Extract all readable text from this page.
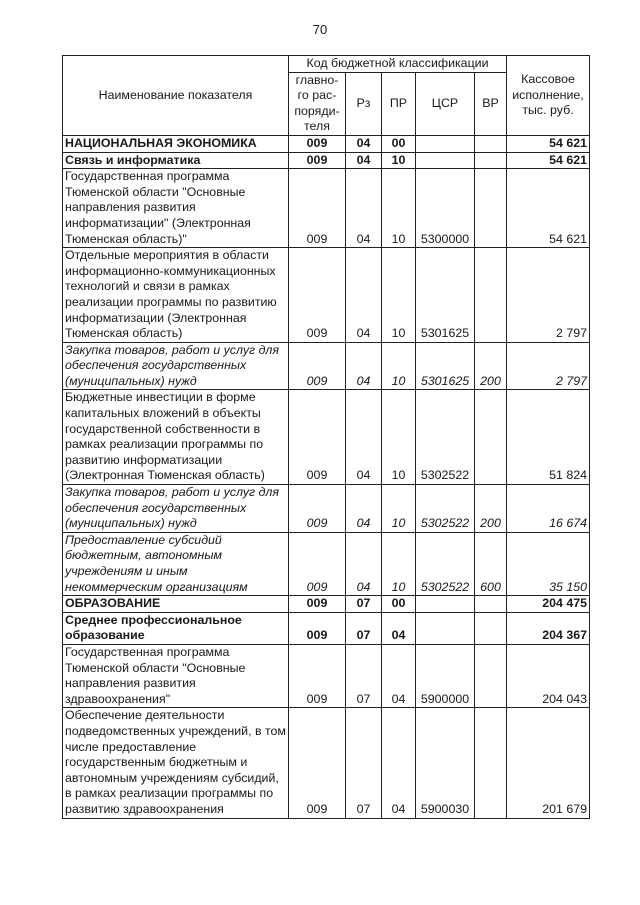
70
Наименование показателя	Код бюджетной классификации					Кассовое исполнение, тыс. руб.
	главно-го рас-поряди-теля	Рз	ПР	ЦСР	ВР	
НАЦИОНАЛЬНАЯ ЭКОНОМИКА	009	04	00			54 621
Связь и информатика	009	04	10			54 621
Государственная программа Тюменской области "Основные направления развития информатизации" (Электронная Тюменская область)"	009	04	10	5300000		54 621
Отдельные мероприятия в области информационно-коммуникационных технологий и связи в рамках реализации программы по развитию информатизации (Электронная Тюменская область)	009	04	10	5301625		2 797
Закупка товаров, работ и услуг для обеспечения государственных (муниципальных) нужд	009	04	10	5301625	200	2 797
Бюджетные инвестиции в форме капитальных вложений в объекты государственной собственности в рамках реализации программы по развитию информатизации (Электронная Тюменская область)	009	04	10	5302522		51 824
Закупка товаров, работ и услуг для обеспечения государственных (муниципальных) нужд	009	04	10	5302522	200	16 674
Предоставление субсидий бюджетным, автономным учреждениям и иным некоммерческим организациям	009	04	10	5302522	600	35 150
ОБРАЗОВАНИЕ	009	07	00			204 475
Среднее профессиональное образование	009	07	04			204 367
Государственная программа Тюменской области "Основные направления развития здравоохранения"	009	07	04	5900000		204 043
Обеспечение деятельности подведомственных учреждений, в том числе предоставление государственным бюджетным и автономным учреждениям субсидий, в рамках реализации программы по развитию здравоохранения	009	07	04	5900030		201 679
